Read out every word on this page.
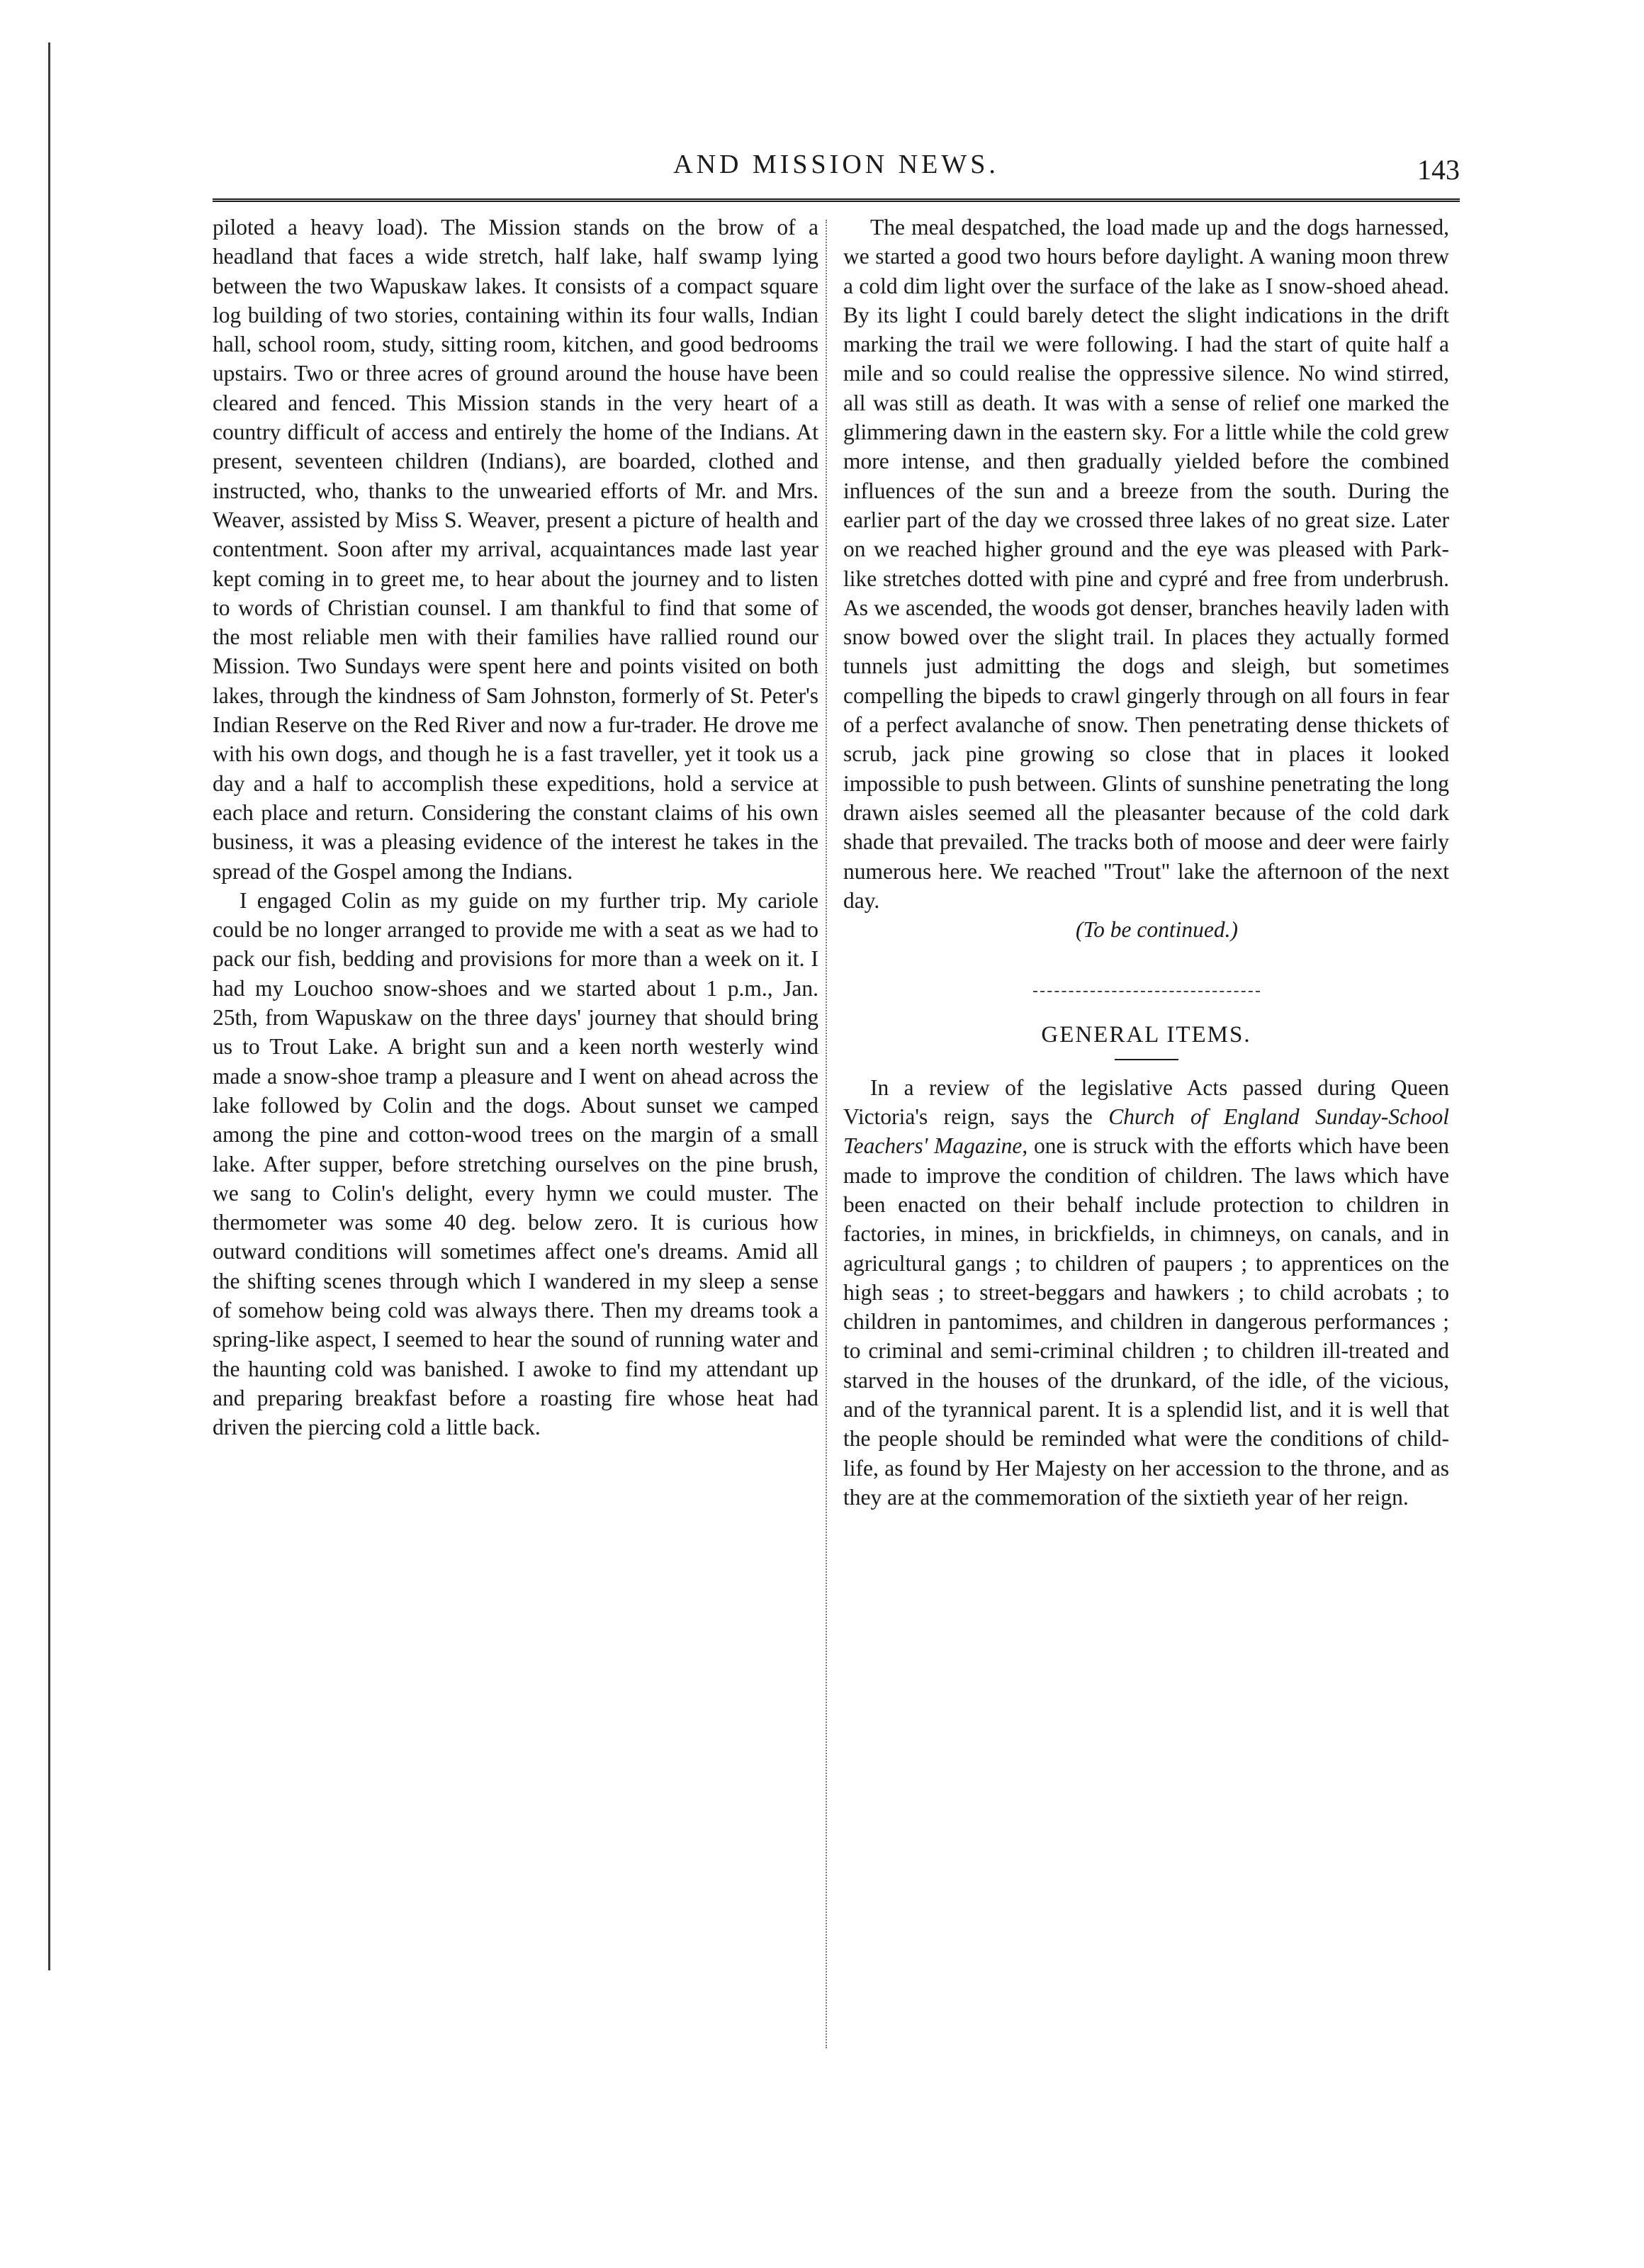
AND MISSION NEWS.	143

piloted a heavy load). The Mission stands on the brow of a headland that faces a wide stretch, half lake, half swamp lying between the two Wapuskaw lakes. It consists of a compact square log building of two stories, containing within its four walls, Indian hall, school room, study, sitting room, kitchen, and good bedrooms upstairs. Two or three acres of ground around the house have been cleared and fenced. This Mission stands in the very heart of a country difficult of access and entirely the home of the Indians. At present, seventeen children (Indians), are boarded, clothed and instructed, who, thanks to the unwearied efforts of Mr. and Mrs. Weaver, assisted by Miss S. Weaver, present a picture of health and contentment. Soon after my arrival, acquaintances made last year kept coming in to greet me, to hear about the journey and to listen to words of Christian counsel. I am thankful to find that some of the most reliable men with their families have rallied round our Mission. Two Sundays were spent here and points visited on both lakes, through the kindness of Sam Johnston, formerly of St. Peter's Indian Reserve on the Red River and now a fur-trader. He drove me with his own dogs, and though he is a fast traveller, yet it took us a day and a half to accomplish these expeditions, hold a service at each place and return. Considering the constant claims of his own business, it was a pleasing evidence of the interest he takes in the spread of the Gospel among the Indians.

I engaged Colin as my guide on my further trip. My cariole could be no longer arranged to provide me with a seat as we had to pack our fish, bedding and provisions for more than a week on it. I had my Louchoo snow-shoes and we started about 1 p.m., Jan. 25th, from Wapuskaw on the three days' journey that should bring us to Trout Lake. A bright sun and a keen north westerly wind made a snow-shoe tramp a pleasure and I went on ahead across the lake followed by Colin and the dogs. About sunset we camped among the pine and cotton-wood trees on the margin of a small lake. After supper, before stretching ourselves on the pine brush, we sang to Colin's delight, every hymn we could muster. The thermometer was some 40 deg. below zero. It is curious how outward conditions will sometimes affect one's dreams. Amid all the shifting scenes through which I wandered in my sleep a sense of somehow being cold was always there. Then my dreams took a spring-like aspect, I seemed to hear the sound of running water and the haunting cold was banished. I awoke to find my attendant up and preparing breakfast before a roasting fire whose heat had driven the piercing cold a little back.

The meal despatched, the load made up and the dogs harnessed, we started a good two hours before daylight. A waning moon threw a cold dim light over the surface of the lake as I snow-shoed ahead. By its light I could barely detect the slight indications in the drift marking the trail we were following. I had the start of quite half a mile and so could realise the oppressive silence. No wind stirred, all was still as death. It was with a sense of relief one marked the glimmering dawn in the eastern sky. For a little while the cold grew more intense, and then gradually yielded before the combined influences of the sun and a breeze from the south. During the earlier part of the day we crossed three lakes of no great size. Later on we reached higher ground and the eye was pleased with Park-like stretches dotted with pine and cypré and free from underbrush. As we ascended, the woods got denser, branches heavily laden with snow bowed over the slight trail. In places they actually formed tunnels just admitting the dogs and sleigh, but sometimes compelling the bipeds to crawl gingerly through on all fours in fear of a perfect avalanche of snow. Then penetrating dense thickets of scrub, jack pine growing so close that in places it looked impossible to push between. Glints of sunshine penetrating the long drawn aisles seemed all the pleasanter because of the cold dark shade that prevailed. The tracks both of moose and deer were fairly numerous here. We reached "Trout" lake the afternoon of the next day.

(To be continued.)

GENERAL ITEMS.

In a review of the legislative Acts passed during Queen Victoria's reign, says the Church of England Sunday-School Teachers' Magazine, one is struck with the efforts which have been made to improve the condition of children. The laws which have been enacted on their behalf include protection to children in factories, in mines, in brickfields, in chimneys, on canals, and in agricultural gangs ; to children of paupers ; to apprentices on the high seas ; to street-beggars and hawkers ; to child acrobats ; to children in pantomimes, and children in dangerous performances ; to criminal and semi-criminal children ; to children ill-treated and starved in the houses of the drunkard, of the idle, of the vicious, and of the tyrannical parent. It is a splendid list, and it is well that the people should be reminded what were the conditions of child-life, as found by Her Majesty on her accession to the throne, and as they are at the commemoration of the sixtieth year of her reign.
